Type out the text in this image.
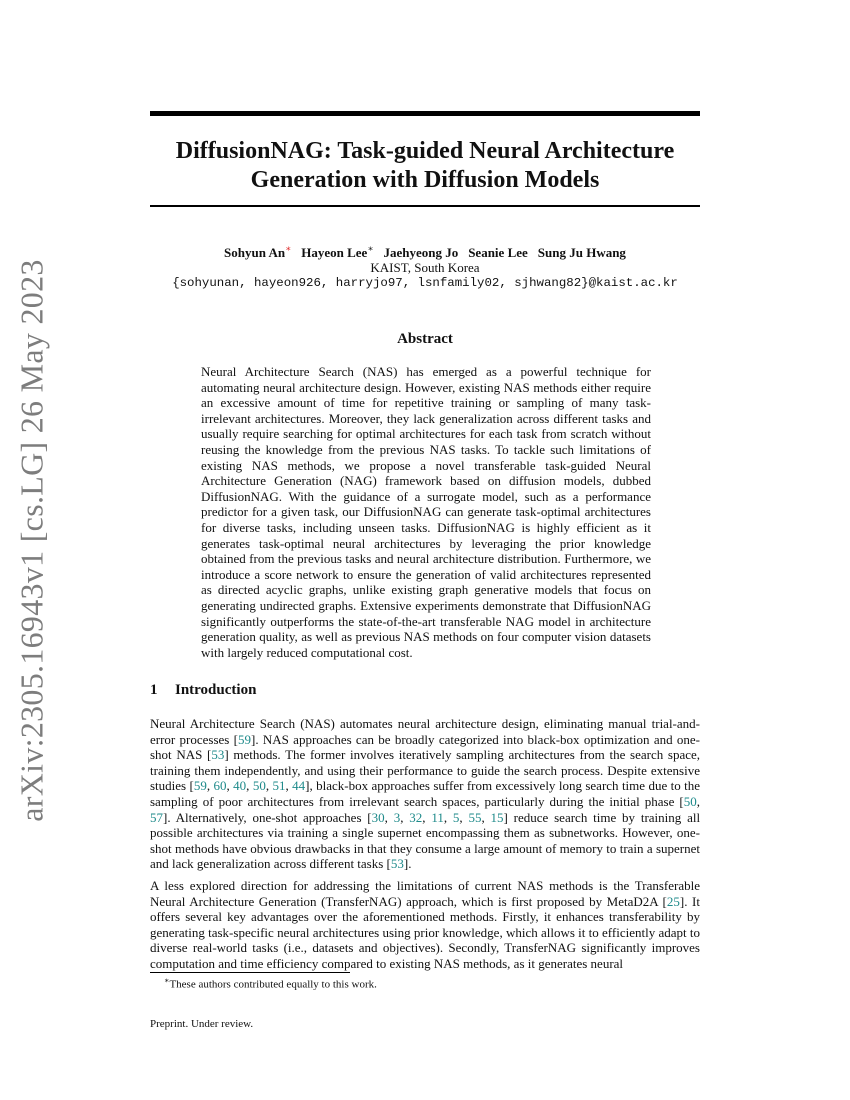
arXiv:2305.16943v1 [cs.LG] 26 May 2023
DiffusionNAG: Task-guided Neural Architecture
Generation with Diffusion Models
Sohyun An∗ Hayeon Lee∗ Jaehyeong Jo Seanie Lee Sung Ju Hwang
KAIST, South Korea
{sohyunan, hayeon926, harryjo97, lsnfamily02, sjhwang82}@kaist.ac.kr
Abstract
Neural Architecture Search (NAS) has emerged as a powerful technique for automating neural architecture design. However, existing NAS methods either require an excessive amount of time for repetitive training or sampling of many task-irrelevant architectures. Moreover, they lack generalization across different tasks and usually require searching for optimal architectures for each task from scratch without reusing the knowledge from the previous NAS tasks. To tackle such limitations of existing NAS methods, we propose a novel transferable task-guided Neural Architecture Generation (NAG) framework based on diffusion models, dubbed DiffusionNAG. With the guidance of a surrogate model, such as a performance predictor for a given task, our DiffusionNAG can generate task-optimal architectures for diverse tasks, including unseen tasks. DiffusionNAG is highly efficient as it generates task-optimal neural architectures by leveraging the prior knowledge obtained from the previous tasks and neural architecture distribution. Furthermore, we introduce a score network to ensure the generation of valid architectures represented as directed acyclic graphs, unlike existing graph generative models that focus on generating undirected graphs. Extensive experiments demonstrate that DiffusionNAG significantly outperforms the state-of-the-art transferable NAG model in architecture generation quality, as well as previous NAS methods on four computer vision datasets with largely reduced computational cost.
1 Introduction

Neural Architecture Search (NAS) automates neural architecture design, eliminating manual trial-and-error processes [59]. NAS approaches can be broadly categorized into black-box optimization and one-shot NAS [53] methods. The former involves iteratively sampling architectures from the search space, training them independently, and using their performance to guide the search process. Despite extensive studies [59, 60, 40, 50, 51, 44], black-box approaches suffer from excessively long search time due to the sampling of poor architectures from irrelevant search spaces, particularly during the initial phase [50, 57]. Alternatively, one-shot approaches [30, 3, 32, 11, 5, 55, 15] reduce search time by training all possible architectures via training a single supernet encompassing them as subnetworks. However, one-shot methods have obvious drawbacks in that they consume a large amount of memory to train a supernet and lack generalization across different tasks [53].

A less explored direction for addressing the limitations of current NAS methods is the Transferable Neural Architecture Generation (TransferNAG) approach, which is first proposed by MetaD2A [25]. It offers several key advantages over the aforementioned methods. Firstly, it enhances transferability by generating task-specific neural architectures using prior knowledge, which allows it to efficiently adapt to diverse real-world tasks (i.e., datasets and objectives). Secondly, TransferNAG significantly improves computation and time efficiency compared to existing NAS methods, as it generates neural

∗These authors contributed equally to this work.
Preprint. Under review.
